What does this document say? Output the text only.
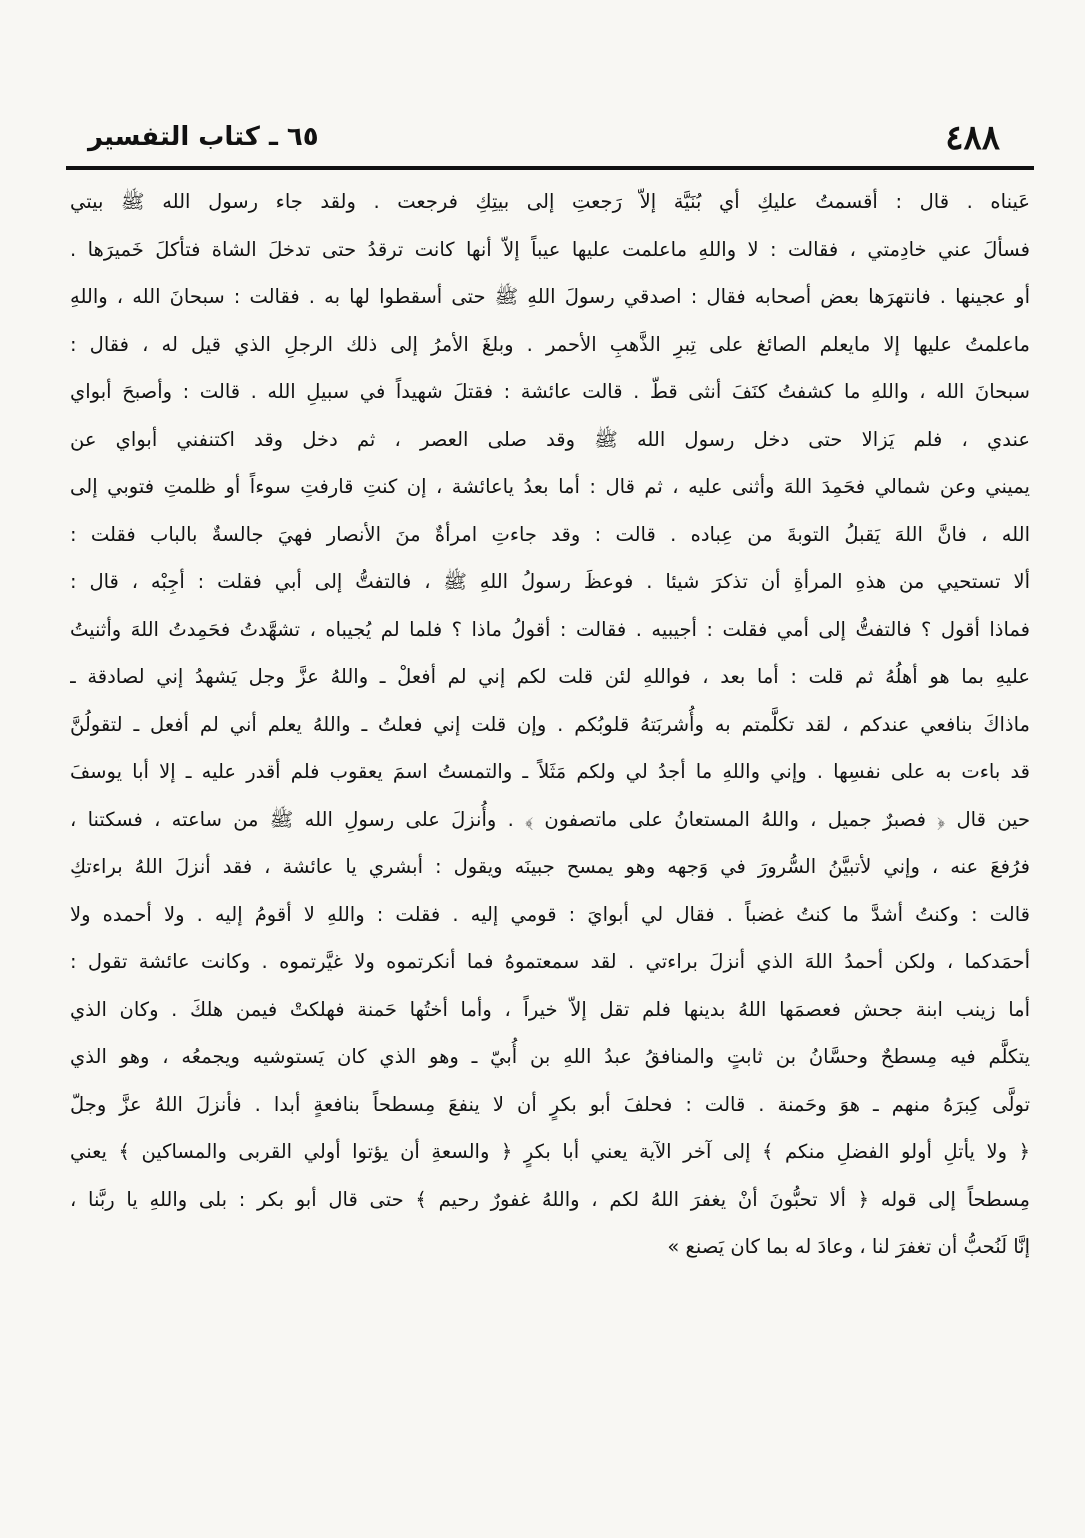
٤٨٨
٦٥ ـ كتاب التفسير
عَيناه . قال : أقسمتُ عليكِ أي بُنَيَّة إلاّ رَجعتِ إلى بيتِكِ فرجعت . ولقد جاء رسول الله ﷺ بيتي
فسألَ عني خادِمتي ، فقالت : لا واللهِ ماعلمت عليها عيباً إلاّ أنها كانت ترقدُ حتى تدخلَ الشاة فتأكلَ خَميرَها .
أو عجينها . فانتهرَها بعض أصحابه فقال : اصدقي رسولَ اللهِ ﷺ حتى أسقطوا لها به . فقالت : سبحانَ الله ، واللهِ
ماعلمتُ عليها إلا مايعلم الصائغ على تِبرِ الذَّهبِ الأحمر . وبلغَ الأمرُ إلى ذلك الرجلِ الذي قيل له ، فقال :
سبحانَ الله ، واللهِ ما كشفتُ كنَفَ أنثى قطّ . قالت عائشة : فقتلَ شهيداً في سبيلِ الله . قالت : وأصبحَ أبواي
عندي ، فلم يَزالا حتى دخل رسول الله ﷺ وقد صلى العصر ، ثم دخل وقد اكتنفني أبواي عن
يميني وعن شمالي فحَمِدَ اللهَ وأثنى عليه ، ثم قال : أما بعدُ ياعائشة ، إن كنتِ قارفتِ سوءاً أو ظلمتِ فتوبي إلى
الله ، فانَّ اللهَ يَقبلُ التوبةَ من عِباده . قالت : وقد جاءتِ امرأةٌ منَ الأنصار فهيَ جالسةٌ بالباب فقلت :
ألا تستحيي من هذهِ المرأةِ أن تذكرَ شيئا . فوعظَ رسولُ اللهِ ﷺ ، فالتفتُّ إلى أبي فقلت : أجِبْه ، قال :
فماذا أقول ؟ فالتفتُّ إلى أمي فقلت : أجيبيه . فقالت : أقولُ ماذا ؟ فلما لم يُجيباه ، تشهَّدتُ فحَمِدتُ اللهَ وأثنيتُ
عليهِ بما هو أهلُهُ ثم قلت : أما بعد ، فواللهِ لئن قلت لكم إني لم أفعلْ ـ واللهُ عزَّ وجل يَشهدُ إني لصادقة ـ
ماذاكَ بنافعي عندكم ، لقد تكلَّمتم به وأُشربَتهُ قلوبُكم . وإن قلت إني فعلتُ ـ واللهُ يعلم أني لم أفعل ـ لتقولُنَّ
قد باءت به على نفسِها . وإني واللهِ ما أجدُ لي ولكم مَثَلاً ـ والتمستُ اسمَ يعقوب فلم أقدر عليه ـ إلا أبا يوسفَ
حين قال ﴿ فصبرٌ جميل ، واللهُ المستعانُ على ماتصفون ﴾ . وأُنزلَ على رسولِ الله ﷺ من ساعته ، فسكتنا ،
فرُفعَ عنه ، وإني لأتبيَّنُ السُّرورَ في وَجهه وهو يمسح جبينَه ويقول : أبشري يا عائشة ، فقد أنزلَ اللهُ براءتكِ
قالت : وكنتُ أشدَّ ما كنتُ غضباً . فقال لي أبوايَ : قومي إليه . فقلت : واللهِ لا أقومُ إليه . ولا أحمده ولا
أحمَدكما ، ولكن أحمدُ اللهَ الذي أنزلَ براءتي . لقد سمعتموهُ فما أنكرتموه ولا غيَّرتموه . وكانت عائشة تقول :
أما زينب ابنة جحش فعصمَها اللهُ بدينها فلم تقل إلاّ خيراً ، وأما أختُها حَمنة فهلكتْ فيمن هلكَ . وكان الذي
يتكلَّم فيه مِسطحٌ وحسَّانُ بن ثابتٍ والمنافقُ عبدُ اللهِ بن أُبيّ ـ وهو الذي كان يَستوشيه ويجمعُه ، وهو الذي
تولَّى كِبرَهُ منهم ـ هوَ وحَمنة . قالت : فحلفَ أبو بكرٍ أن لا ينفعَ مِسطحاً بنافعةٍ أبدا . فأنزلَ اللهُ عزَّ وجلّ
﴿ ولا يأتلِ أولو الفضلِ منكم ﴾ إلى آخر الآية يعني أبا بكرٍ ﴿ والسعةِ أن يؤتوا أولي القربى والمساكين ﴾ يعني
مِسطحاً إلى قوله ﴿ ألا تحبُّونَ أنْ يغفرَ اللهُ لكم ، واللهُ غفورٌ رحيم ﴾ حتى قال أبو بكر : بلى واللهِ يا ربَّنا ،
إنَّا لَنُحبُّ أن تغفرَ لنا ، وعادَ له بما كان يَصنع »
